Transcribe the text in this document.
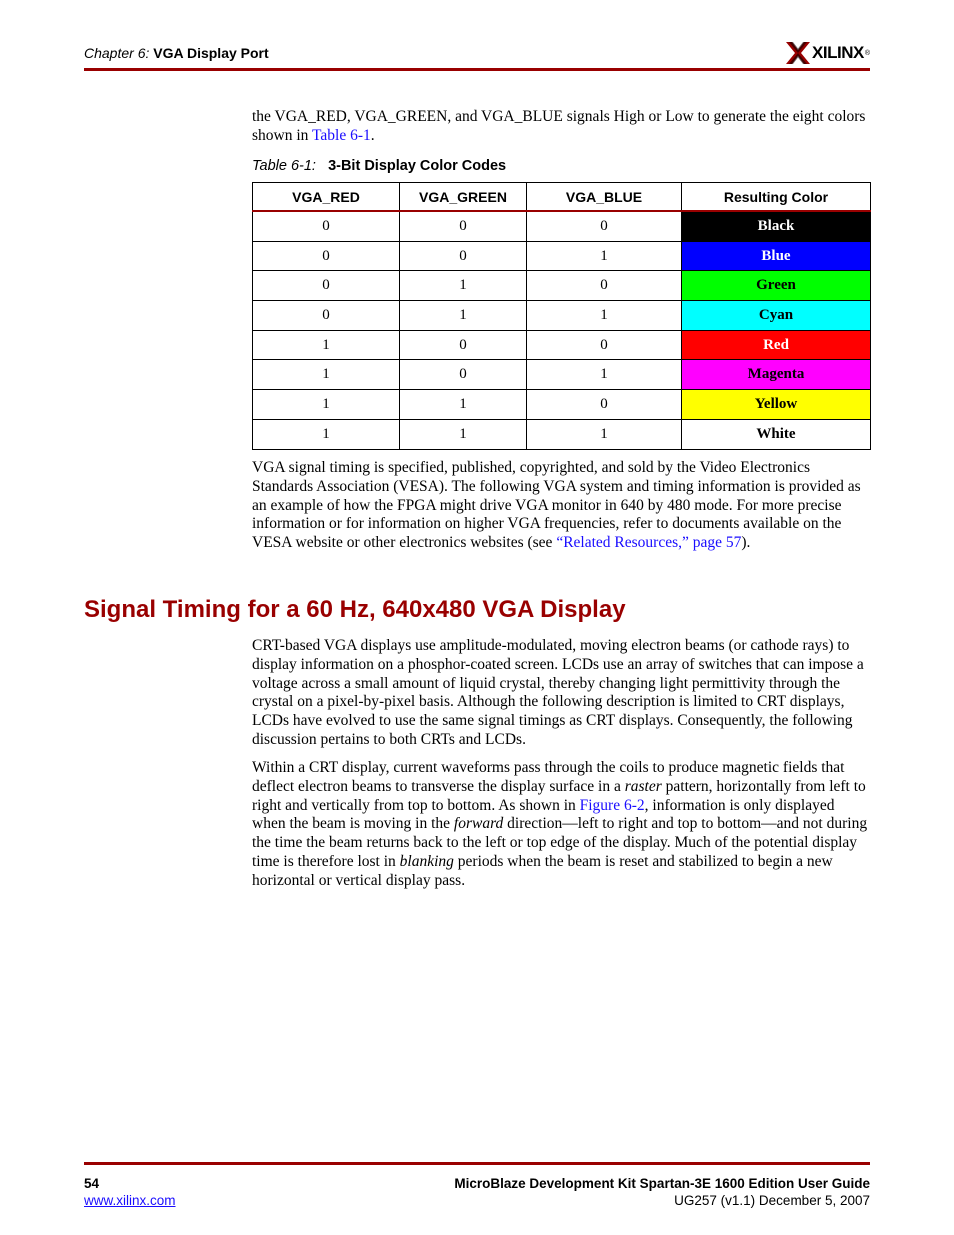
Chapter 6: VGA Display Port	XILINX ®
the VGA_RED, VGA_GREEN, and VGA_BLUE signals High or Low to generate the eight colors shown in Table 6-1.
Table 6-1: 3-Bit Display Color Codes
VGA_RED	VGA_GREEN	VGA_BLUE	Resulting Color
0	0	0	Black
0	0	1	Blue
0	1	0	Green
0	1	1	Cyan
1	0	0	Red
1	0	1	Magenta
1	1	0	Yellow
1	1	1	White
VGA signal timing is specified, published, copyrighted, and sold by the Video Electronics Standards Association (VESA). The following VGA system and timing information is provided as an example of how the FPGA might drive VGA monitor in 640 by 480 mode. For more precise information or for information on higher VGA frequencies, refer to documents available on the VESA website or other electronics websites (see “Related Resources,” page 57).
Signal Timing for a 60 Hz, 640x480 VGA Display
CRT-based VGA displays use amplitude-modulated, moving electron beams (or cathode rays) to display information on a phosphor-coated screen. LCDs use an array of switches that can impose a voltage across a small amount of liquid crystal, thereby changing light permittivity through the crystal on a pixel-by-pixel basis. Although the following description is limited to CRT displays, LCDs have evolved to use the same signal timings as CRT displays. Consequently, the following discussion pertains to both CRTs and LCDs.
Within a CRT display, current waveforms pass through the coils to produce magnetic fields that deflect electron beams to transverse the display surface in a raster pattern, horizontally from left to right and vertically from top to bottom. As shown in Figure 6-2, information is only displayed when the beam is moving in the forward direction—left to right and top to bottom—and not during the time the beam returns back to the left or top edge of the display. Much of the potential display time is therefore lost in blanking periods when the beam is reset and stabilized to begin a new horizontal or vertical display pass.
54
www.xilinx.com
MicroBlaze Development Kit Spartan-3E 1600 Edition User Guide
UG257 (v1.1) December 5, 2007
